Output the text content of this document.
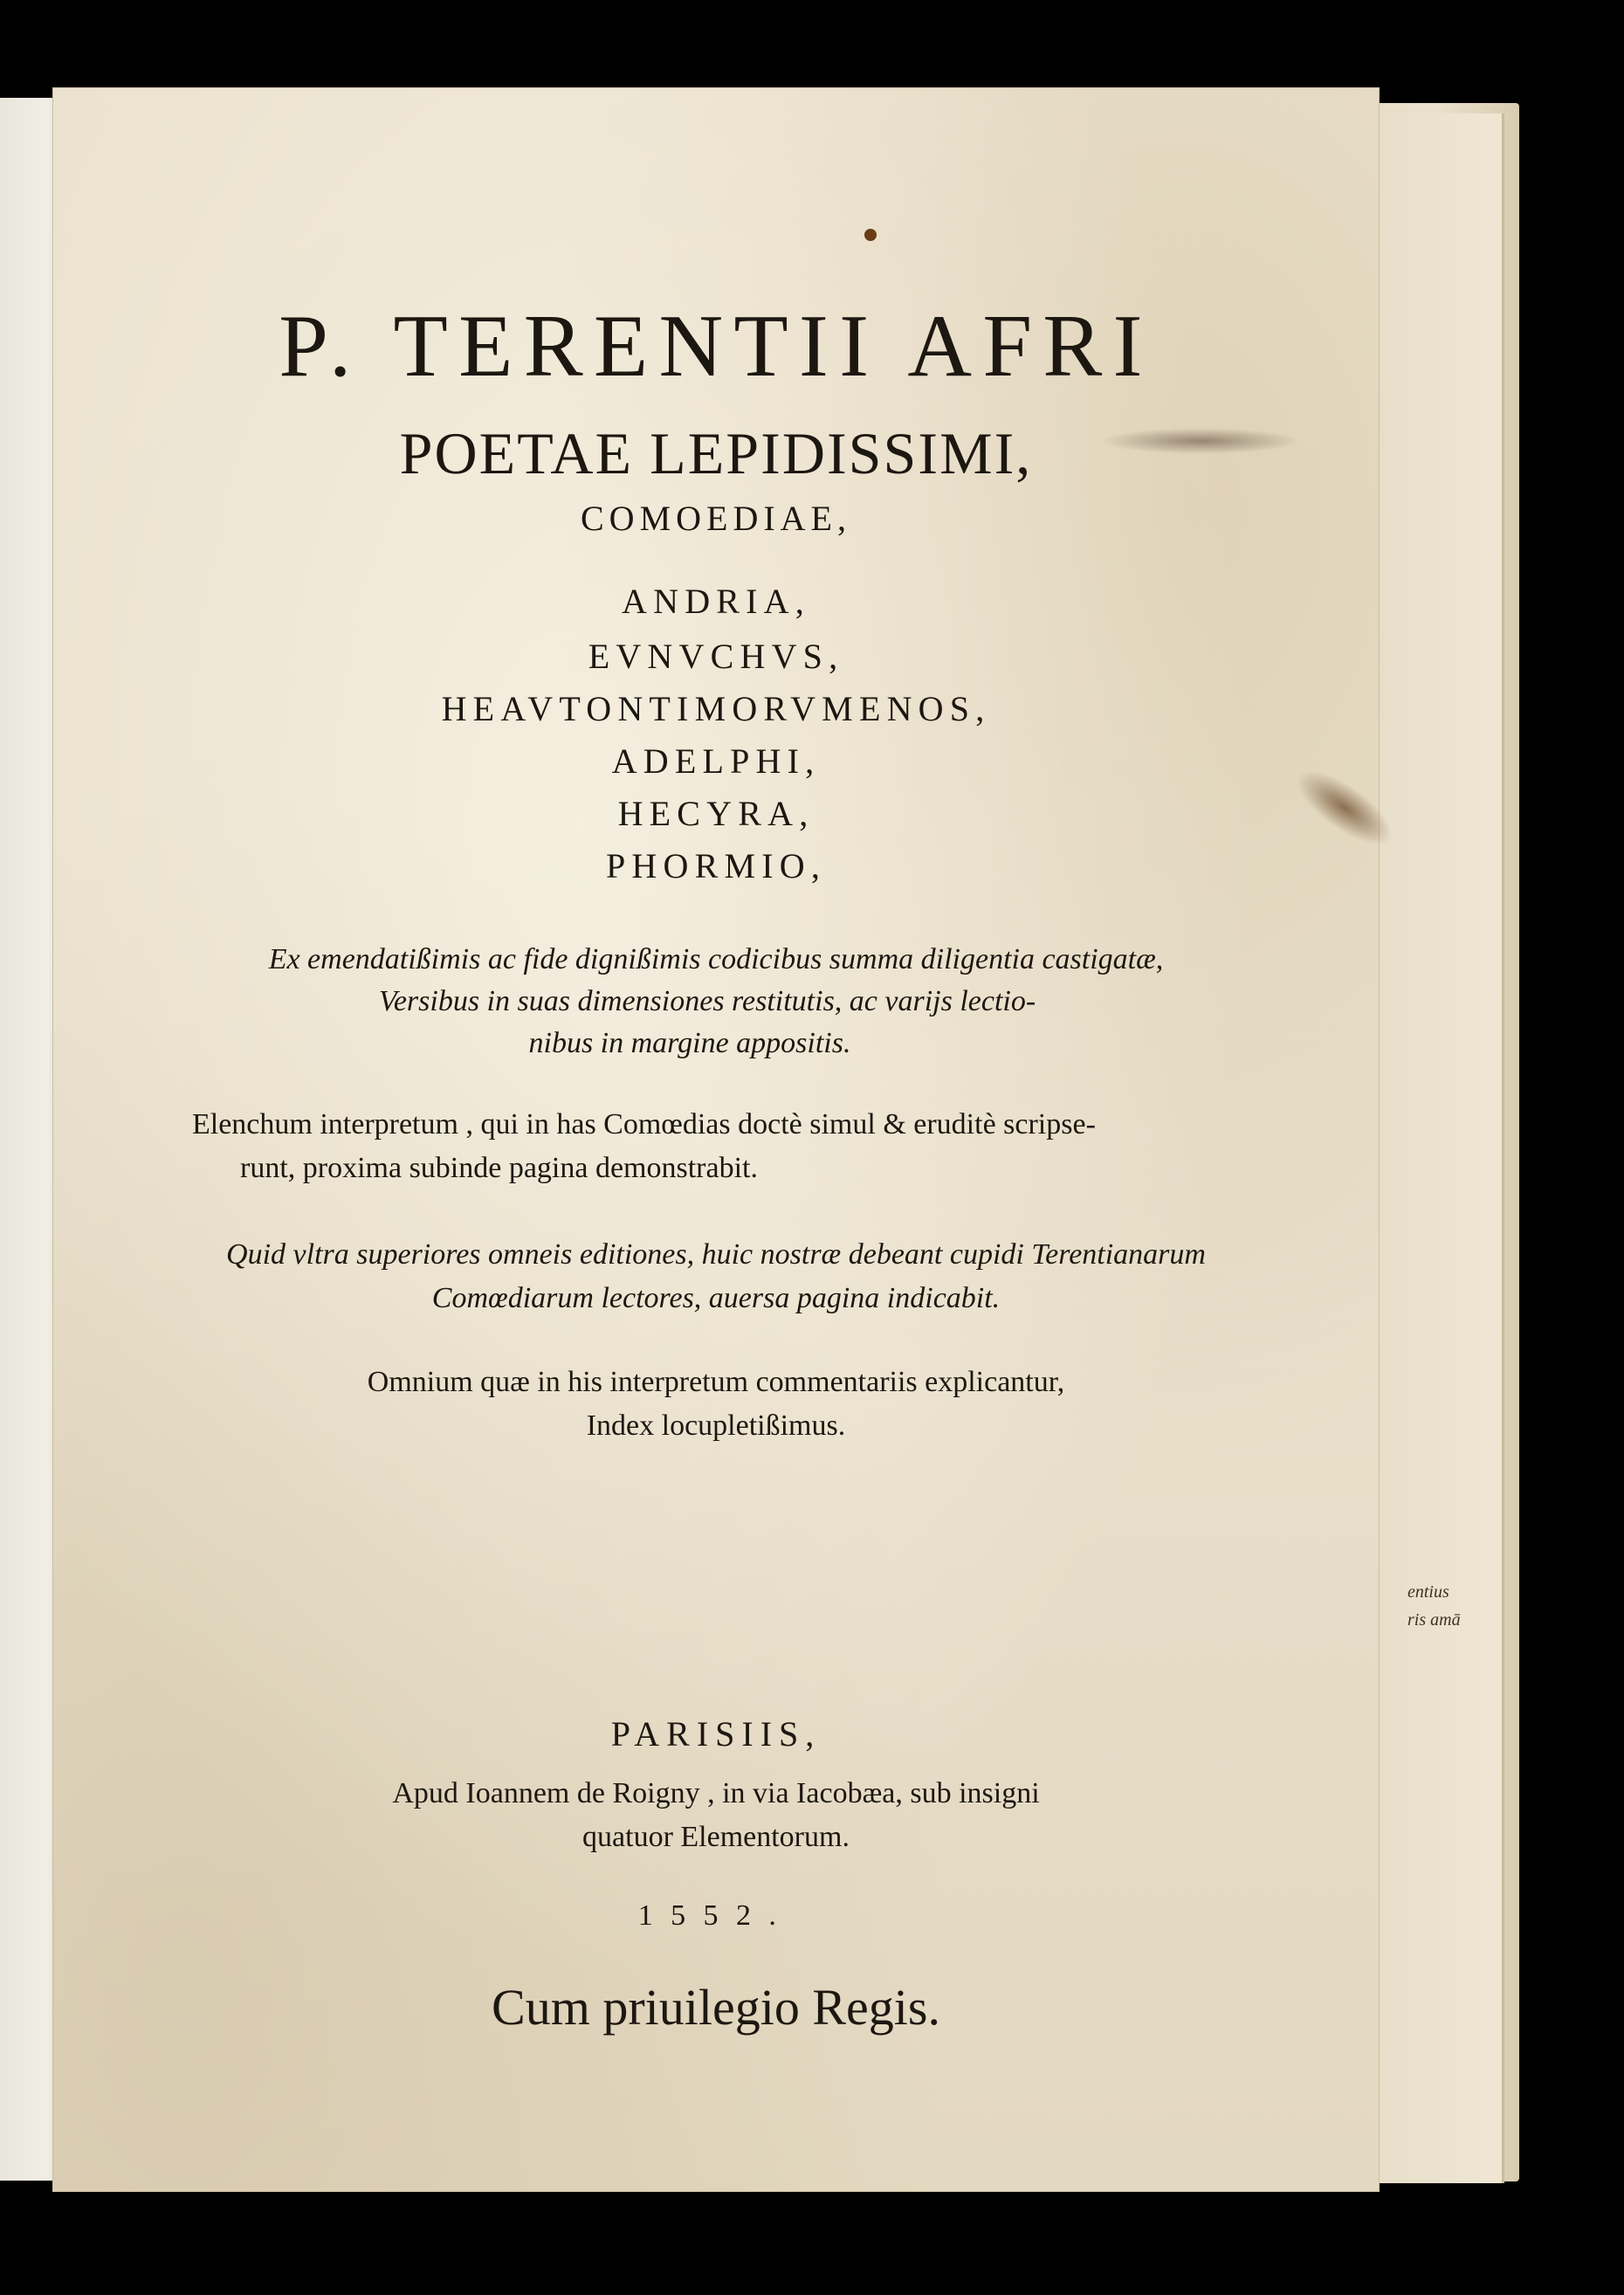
entius
ris amā
P. TERENTII AFRI
POETAE LEPIDISSIMI,
COMOEDIAE,
ANDRIA,
EVNVCHVS,
HEAVTONTIMORVMENOS,
ADELPHI,
HECYRA,
PHORMIO,
Ex emendatißimis ac fide dignißimis codicibus summa diligentia castigatæ,
Versibus in suas dimensiones restitutis, ac varijs lectio-
nibus in margine appositis.
Elenchum interpretum , qui in has Comœdias doctè simul & eruditè scripse-
runt, proxima subinde pagina demonstrabit.
Quid vltra superiores omneis editiones, huic nostræ debeant cupidi Terentianarum
Comœdiarum lectores, auersa pagina indicabit.
Omnium quæ in his interpretum commentariis explicantur,
Index locupletißimus.
PARISIIS,
Apud Ioannem de Roigny , in via Iacobæa, sub insigni
quatuor Elementorum.
1552.
Cum priuilegio Regis.
